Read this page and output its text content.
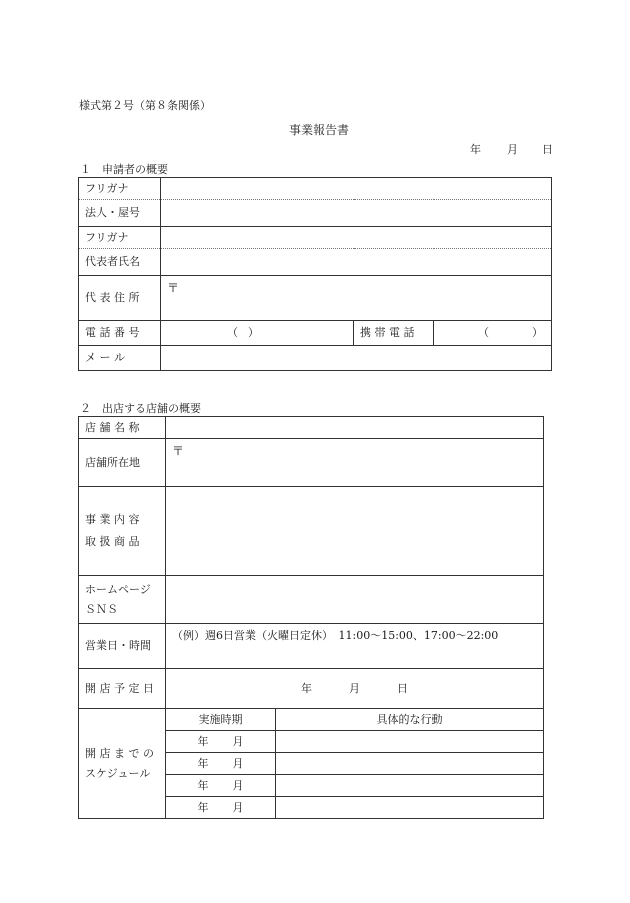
様式第２号（第８条関係）
事業報告書
年 月 日
１　申請者の概要
フリガナ			
法人・屋号			
フリガナ			
代表者氏名			
代 表 住 所	〒		
電 話 番 号	（ ）	携 帯 電 話	（ ）

メ ー ル			
２　出店する店舗の概要
店 舗 名 称		
店舗所在地	〒	

事 業 内 容
取 扱 商 品		

ホームページ
ＳＮＳ		

営業日・時間	（例）週6日営業（火曜日定休）　11:00～15:00、17:00～22:00	
開 店 予 定 日	年 月 日	

開 店 ま で の
スケジュール	実施時期	具体的な行動
	年 月	
	年 月	
	年 月	
	年 月	
